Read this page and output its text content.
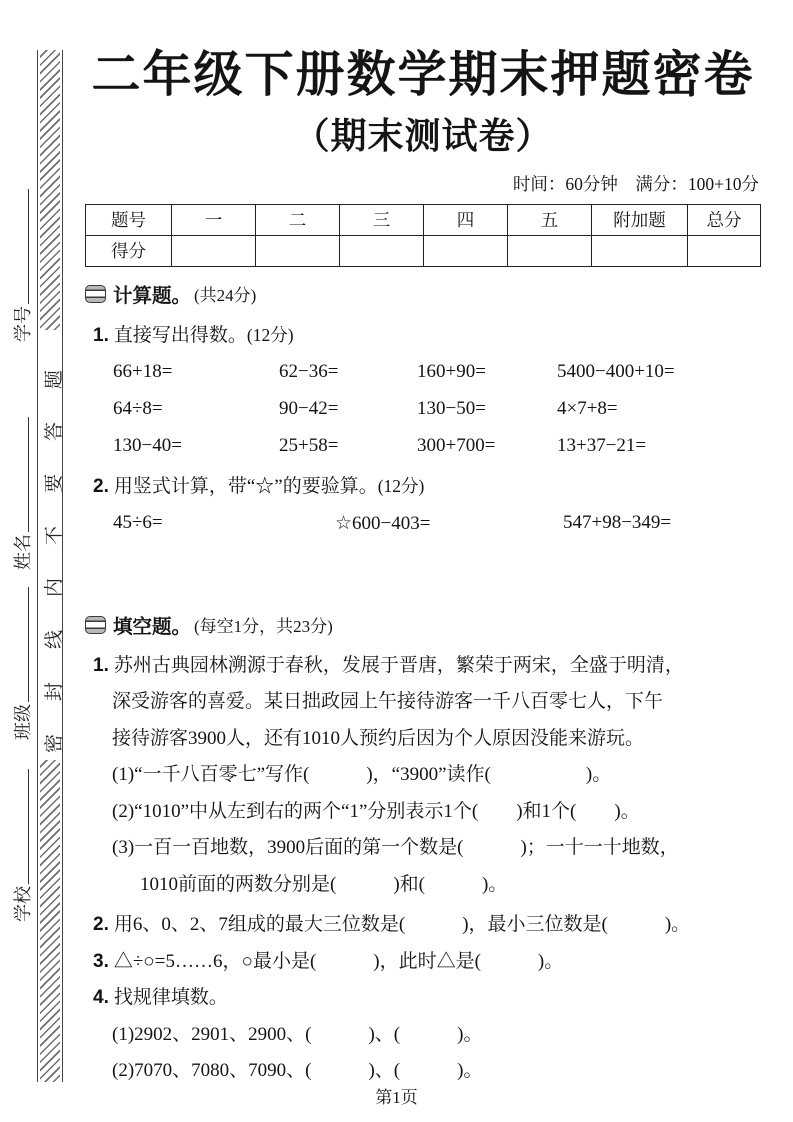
学号
姓名
班级
学校
密封线内不要答题
二年级下册数学期末押题密卷
（期末测试卷）
时间：60分钟　满分：100+10分
题号	一	二	三	四	五	附加题	总分
得分							
计算题。 (共24分)
1. 直接写出得数。(12分)
66+18=	62−36=	160+90=	5400−400+10=
64÷8=	90−42=	130−50=	4×7+8=
130−40=	25+58=	300+700=	13+37−21=
2. 用竖式计算，带“☆”的要验算。(12分)
45÷6=	☆600−403=	547+98−349=
填空题。 (每空1分，共23分)
1. 苏州古典园林溯源于春秋，发展于晋唐，繁荣于两宋，全盛于明清，
深受游客的喜爱。某日拙政园上午接待游客一千八百零七人，下午
接待游客3900人，还有1010人预约后因为个人原因没能来游玩。
(1)“一千八百零七”写作(　　　)，“3900”读作(　　　　　)。
(2)“1010”中从左到右的两个“1”分别表示1个(　　)和1个(　　)。
(3)一百一百地数，3900后面的第一个数是(　　　)；一十一十地数，
1010前面的两数分别是(　　　)和(　　　)。
2. 用6、0、2、7组成的最大三位数是(　　　)，最小三位数是(　　　)。
3. △÷○=5……6，○最小是(　　　)，此时△是(　　　)。
4. 找规律填数。
(1)2902、2901、2900、(　　　)、(　　　)。
(2)7070、7080、7090、(　　　)、(　　　)。
第1页
